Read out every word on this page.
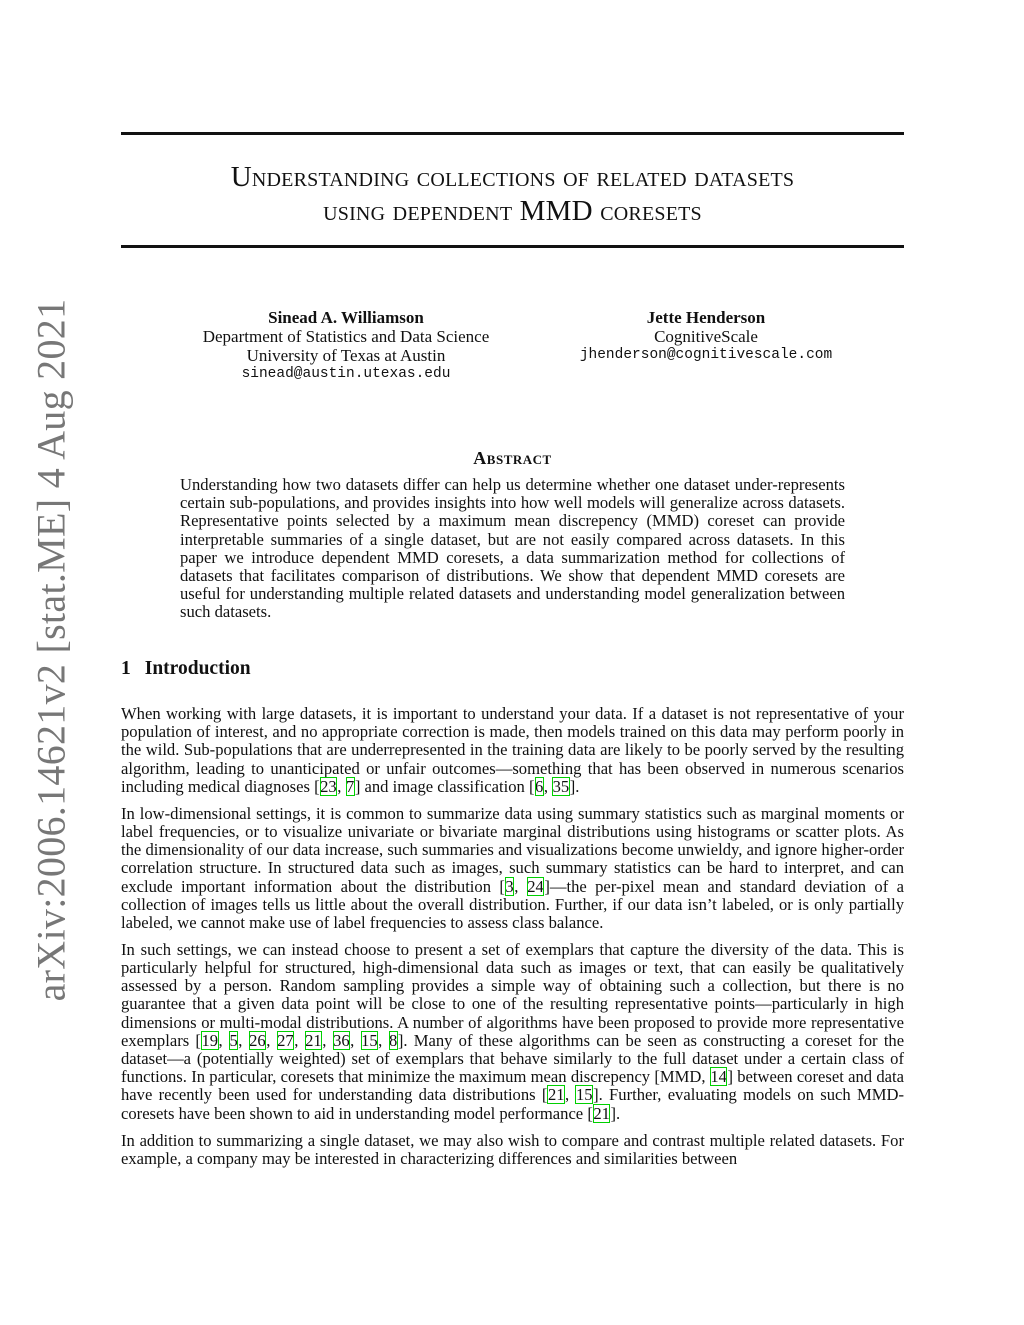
arXiv:2006.14621v2 [stat.ME] 4 Aug 2021
Understanding collections of related datasets
using dependent MMD coresets
Sinead A. Williamson
Department of Statistics and Data Science
University of Texas at Austin
sinead@austin.utexas.edu
Jette Henderson
CognitiveScale
jhenderson@cognitivescale.com
Abstract

Understanding how two datasets differ can help us determine whether one dataset under-represents certain sub-populations, and provides insights into how well models will generalize across datasets. Representative points selected by a maximum mean discrepency (MMD) coreset can provide interpretable summaries of a single dataset, but are not easily compared across datasets. In this paper we introduce dependent MMD coresets, a data summarization method for collections of datasets that facilitates comparison of distributions. We show that dependent MMD coresets are useful for understanding multiple related datasets and understanding model generalization between such datasets.

1 Introduction

When working with large datasets, it is important to understand your data. If a dataset is not representative of your population of interest, and no appropriate correction is made, then models trained on this data may perform poorly in the wild. Sub-populations that are underrepresented in the training data are likely to be poorly served by the resulting algorithm, leading to unanticipated or unfair outcomes—something that has been observed in numerous scenarios including medical diagnoses [23, 7] and image classification [6, 35].

In low-dimensional settings, it is common to summarize data using summary statistics such as marginal moments or label frequencies, or to visualize univariate or bivariate marginal distributions using histograms or scatter plots. As the dimensionality of our data increase, such summaries and visualizations become unwieldy, and ignore higher-order correlation structure. In structured data such as images, such summary statistics can be hard to interpret, and can exclude important information about the distribution [3, 24]—the per-pixel mean and standard deviation of a collection of images tells us little about the overall distribution. Further, if our data isn’t labeled, or is only partially labeled, we cannot make use of label frequencies to assess class balance.

In such settings, we can instead choose to present a set of exemplars that capture the diversity of the data. This is particularly helpful for structured, high-dimensional data such as images or text, that can easily be qualitatively assessed by a person. Random sampling provides a simple way of obtaining such a collection, but there is no guarantee that a given data point will be close to one of the resulting representative points—particularly in high dimensions or multi-modal distributions. A number of algorithms have been proposed to provide more representative exemplars [19, 5, 26, 27, 21, 36, 15, 8]. Many of these algorithms can be seen as constructing a coreset for the dataset—a (potentially weighted) set of exemplars that behave similarly to the full dataset under a certain class of functions. In particular, coresets that minimize the maximum mean discrepency [MMD, 14] between coreset and data have recently been used for understanding data distributions [21, 15]. Further, evaluating models on such MMD-coresets have been shown to aid in understanding model performance [21].

In addition to summarizing a single dataset, we may also wish to compare and contrast multiple related datasets. For example, a company may be interested in characterizing differences and similarities between
